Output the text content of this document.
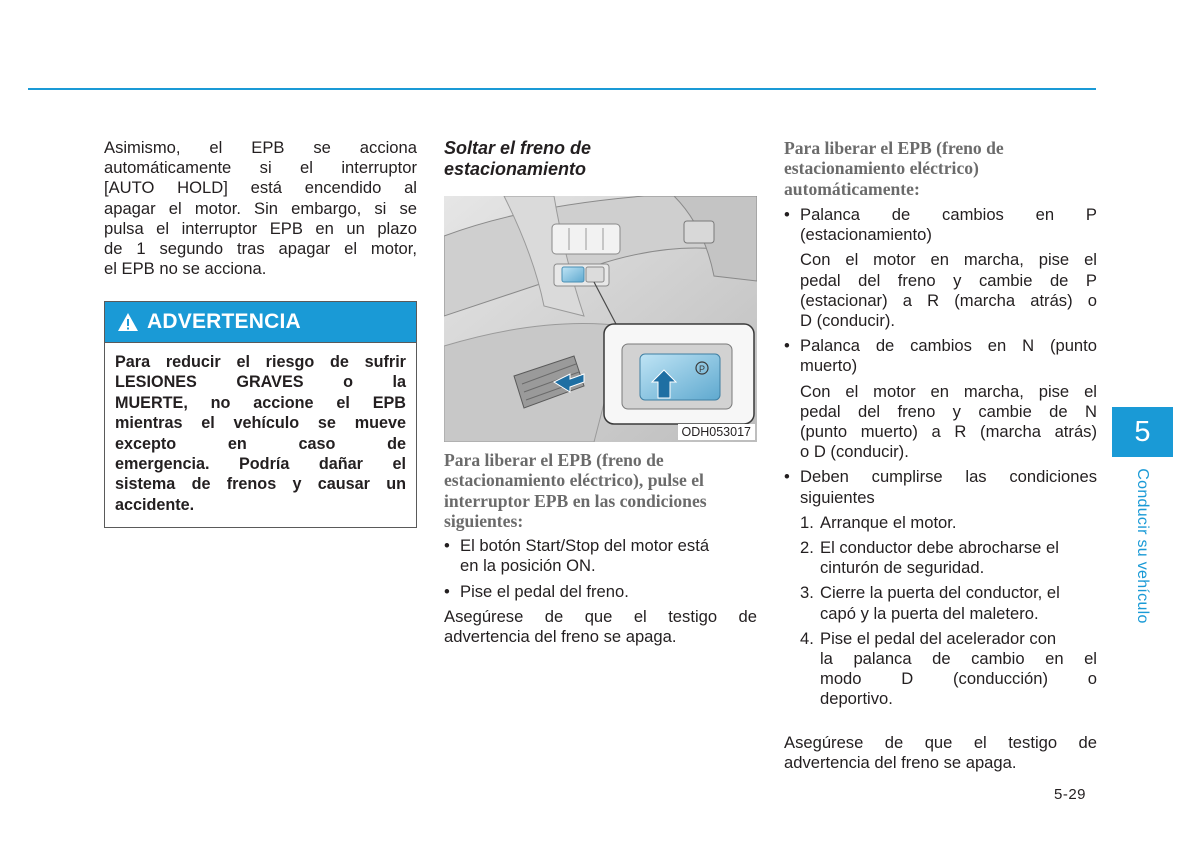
Asimismo, el EPB se acciona
automáticamente si el interruptor
[AUTO HOLD] está encendido al
apagar el motor. Sin embargo, si se
pulsa el interruptor EPB en un plazo
de 1 segundo tras apagar el motor,
el EPB no se acciona.
ADVERTENCIA
Para reducir el riesgo de sufrir
LESIONES GRAVES o la
MUERTE, no accione el EPB
mientras el vehículo se mueve
excepto en caso de
emergencia. Podría dañar el
sistema de frenos y causar un
accidente.
Soltar el freno de
estacionamiento
P
ODH053017
Para liberar el EPB (freno de
estacionamiento eléctrico), pulse el
interruptor EPB en las condiciones
siguientes:
• El botón Start/Stop del motor está
en la posición ON.
• Pise el pedal del freno.
Asegúrese de que el testigo de
advertencia del freno se apaga.
Para liberar el EPB (freno de
estacionamiento eléctrico)
automáticamente:
• Palanca de cambios en P
(estacionamiento)
Con el motor en marcha, pise el
pedal del freno y cambie de P
(estacionar) a R (marcha atrás) o
D (conducir).
• Palanca de cambios en N (punto
muerto)
Con el motor en marcha, pise el
pedal del freno y cambie de N
(punto muerto) a R (marcha atrás)
o D (conducir).
• Deben cumplirse las condiciones
siguientes
1. Arranque el motor.
2. El conductor debe abrocharse el
cinturón de seguridad.
3. Cierre la puerta del conductor, el
capó y la puerta del maletero.
4. Pise el pedal del acelerador con
la palanca de cambio en el
modo D (conducción) o
deportivo.
Asegúrese de que el testigo de
advertencia del freno se apaga.
5
Conducir su vehículo
5-29
